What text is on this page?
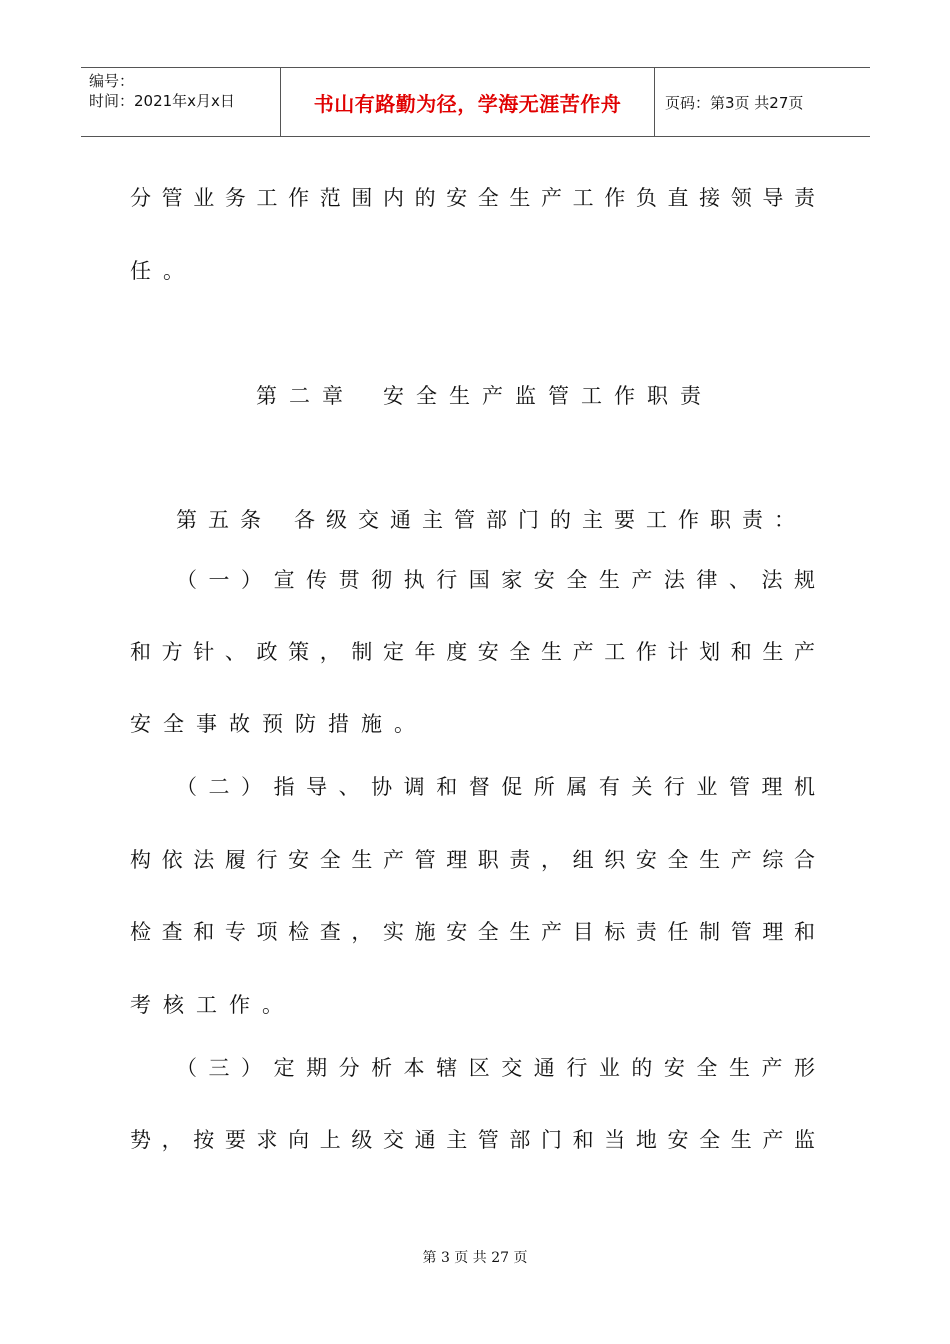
编号：
时间：2021年x月x日	书山有路勤为径，学海无涯苦作舟	页码：第3页 共27页
分管业务工作范围内的安全生产工作负直接领导责
任。
第二章 安全生产监管工作职责
第五条 各级交通主管部门的主要工作职责：
（一）宣传贯彻执行国家安全生产法律、法规
和方针、政策，制定年度安全生产工作计划和生产
安全事故预防措施。
（二）指导、协调和督促所属有关行业管理机
构依法履行安全生产管理职责，组织安全生产综合
检查和专项检查，实施安全生产目标责任制管理和
考核工作。
（三）定期分析本辖区交通行业的安全生产形
势，按要求向上级交通主管部门和当地安全生产监
第 3 页 共 27 页
